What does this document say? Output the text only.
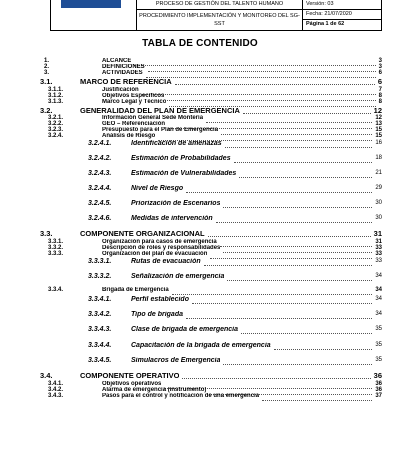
PROCESO DE GESTIÓN DEL TALENTO HUMANO
PROCEDIMIENTO IMPLEMENTACIÓN Y MONITOREO DEL SG-SST
Versión: 03
Fecha: 21/07/2020
Página 1 de 62
TABLA DE CONTENIDO
1.	ALCANCE	3
2.	DEFINICIONES	3
3.	ACTIVIDADES	6
3.1.	MARCO DE REFERENCIA	6
3.1.1.	Justificación	7
3.1.2.	Objetivos Específicos	8
3.1.3.	Marco Legal y Técnico	8
3.2.	GENERALIDAD DEL PLAN DE EMERGENCIA	12
3.2.1.	Información General Sede Montería	12
3.2.2.	GEO – Referenciación	13
3.2.3.	Presupuesto para el Plan de Emergencia	15
3.2.4.	Análisis de Riesgo	15
3.2.4.1.	Identificación de amenazas	16
3.2.4.2.	Estimación de Probabilidades	18
3.2.4.3.	Estimación de Vulnerabilidades	21
3.2.4.4.	Nivel de Riesgo	29
3.2.4.5.	Priorización de Escenarios	30
3.2.4.6.	Medidas de intervención	30
3.3.	COMPONENTE ORGANIZACIONAL	31
3.3.1.	Organización para casos de emergencia	31
3.3.2.	Descripción de roles y responsabilidades	33
3.3.3.	Organización del plan de evacuación	33
3.3.3.1.	Rutas de evacuación	33
3.3.3.2.	Señalización de emergencia	34
3.3.4.	Brigada de Emergencia	34
3.3.4.1.	Perfil establecido	34
3.3.4.2.	Tipo de brigada	34
3.3.4.3.	Clase de brigada de emergencia	35
3.3.4.4.	Capacitación de la brigada de emergencia	35
3.3.4.5.	Simulacros de Emergencia	35
3.4.	COMPONENTE OPERATIVO	36
3.4.1.	Objetivos operativos	36
3.4.2.	Alarma de emergencia (instrumento)	36
3.4.3.	Pasos para el control y notificación de una emergencia	37
